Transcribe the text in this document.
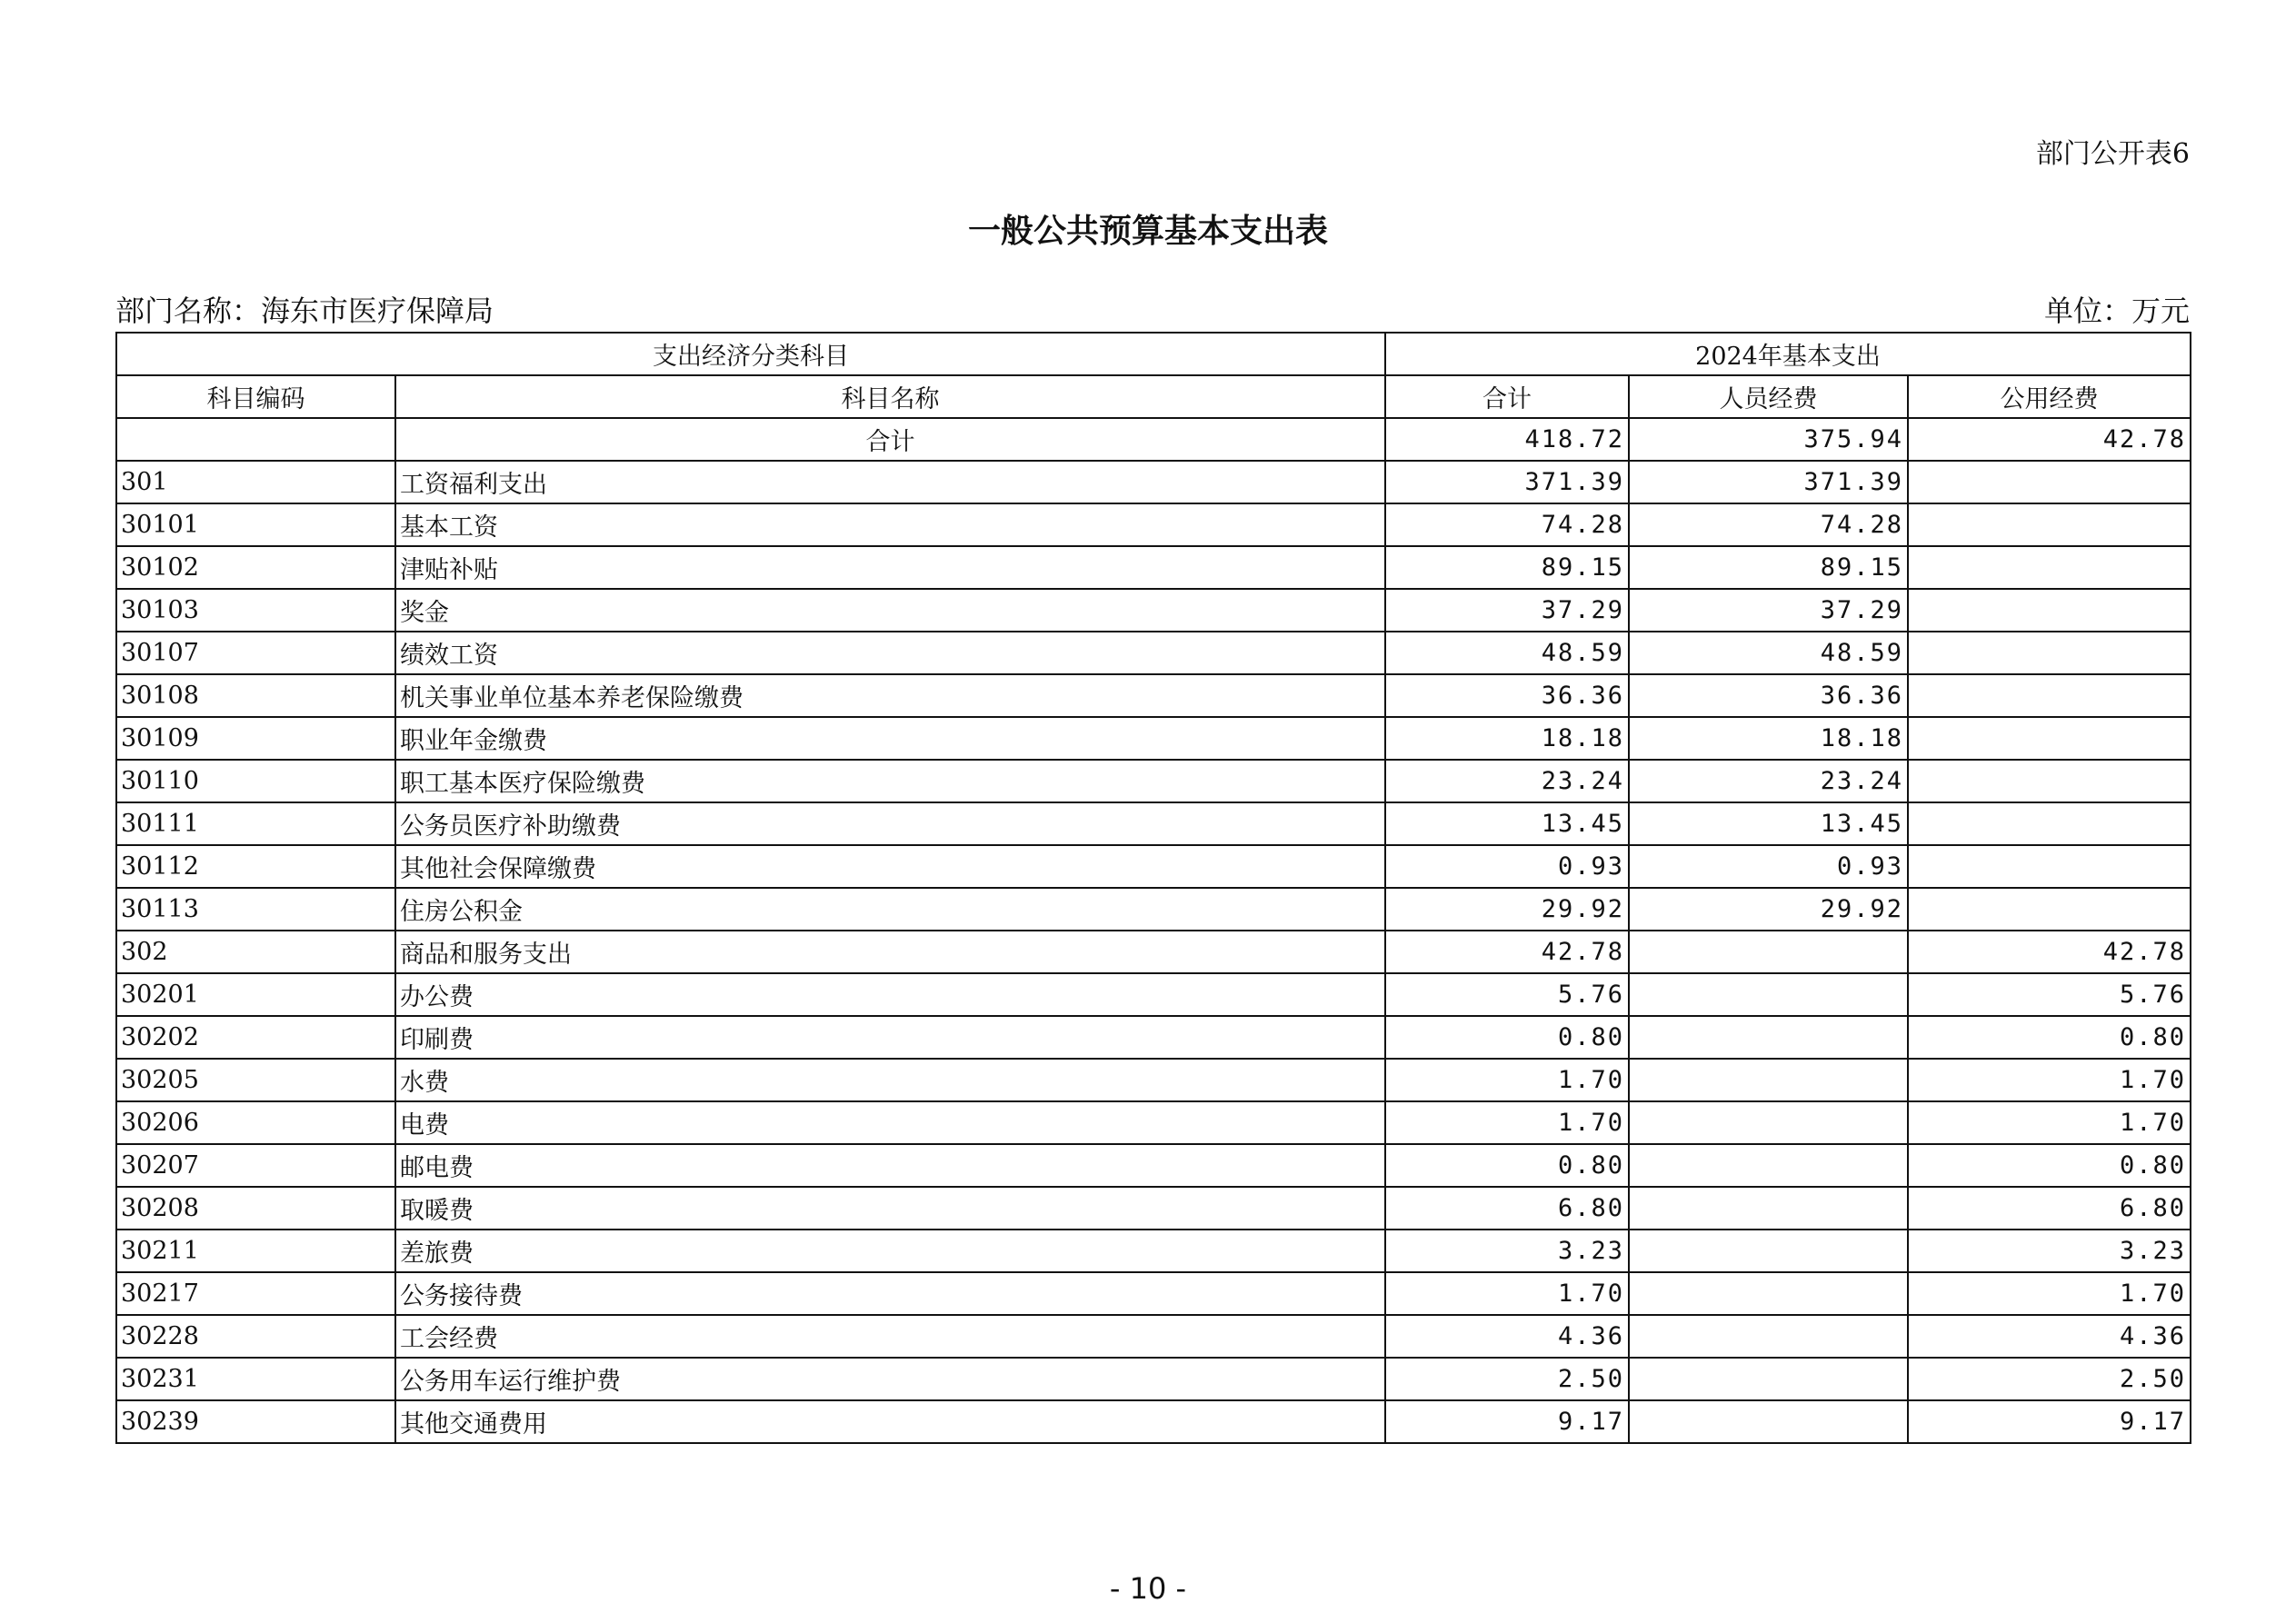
部门公开表6
一般公共预算基本支出表
部门名称：海东市医疗保障局	单位：万元
支出经济分类科目		2024年基本支出		
科目编码	科目名称	合计	人员经费	公用经费
	合计	418.72	375.94	42.78
301	工资福利支出	371.39	371.39	
30101	基本工资	74.28	74.28	
30102	津贴补贴	89.15	89.15	
30103	奖金	37.29	37.29	
30107	绩效工资	48.59	48.59	
30108	机关事业单位基本养老保险缴费	36.36	36.36	
30109	职业年金缴费	18.18	18.18	
30110	职工基本医疗保险缴费	23.24	23.24	
30111	公务员医疗补助缴费	13.45	13.45	
30112	其他社会保障缴费	0.93	0.93	
30113	住房公积金	29.92	29.92	
302	商品和服务支出	42.78		42.78
30201	办公费	5.76		5.76
30202	印刷费	0.80		0.80
30205	水费	1.70		1.70
30206	电费	1.70		1.70
30207	邮电费	0.80		0.80
30208	取暖费	6.80		6.80
30211	差旅费	3.23		3.23
30217	公务接待费	1.70		1.70
30228	工会经费	4.36		4.36
30231	公务用车运行维护费	2.50		2.50
30239	其他交通费用	9.17		9.17
- 10 -
